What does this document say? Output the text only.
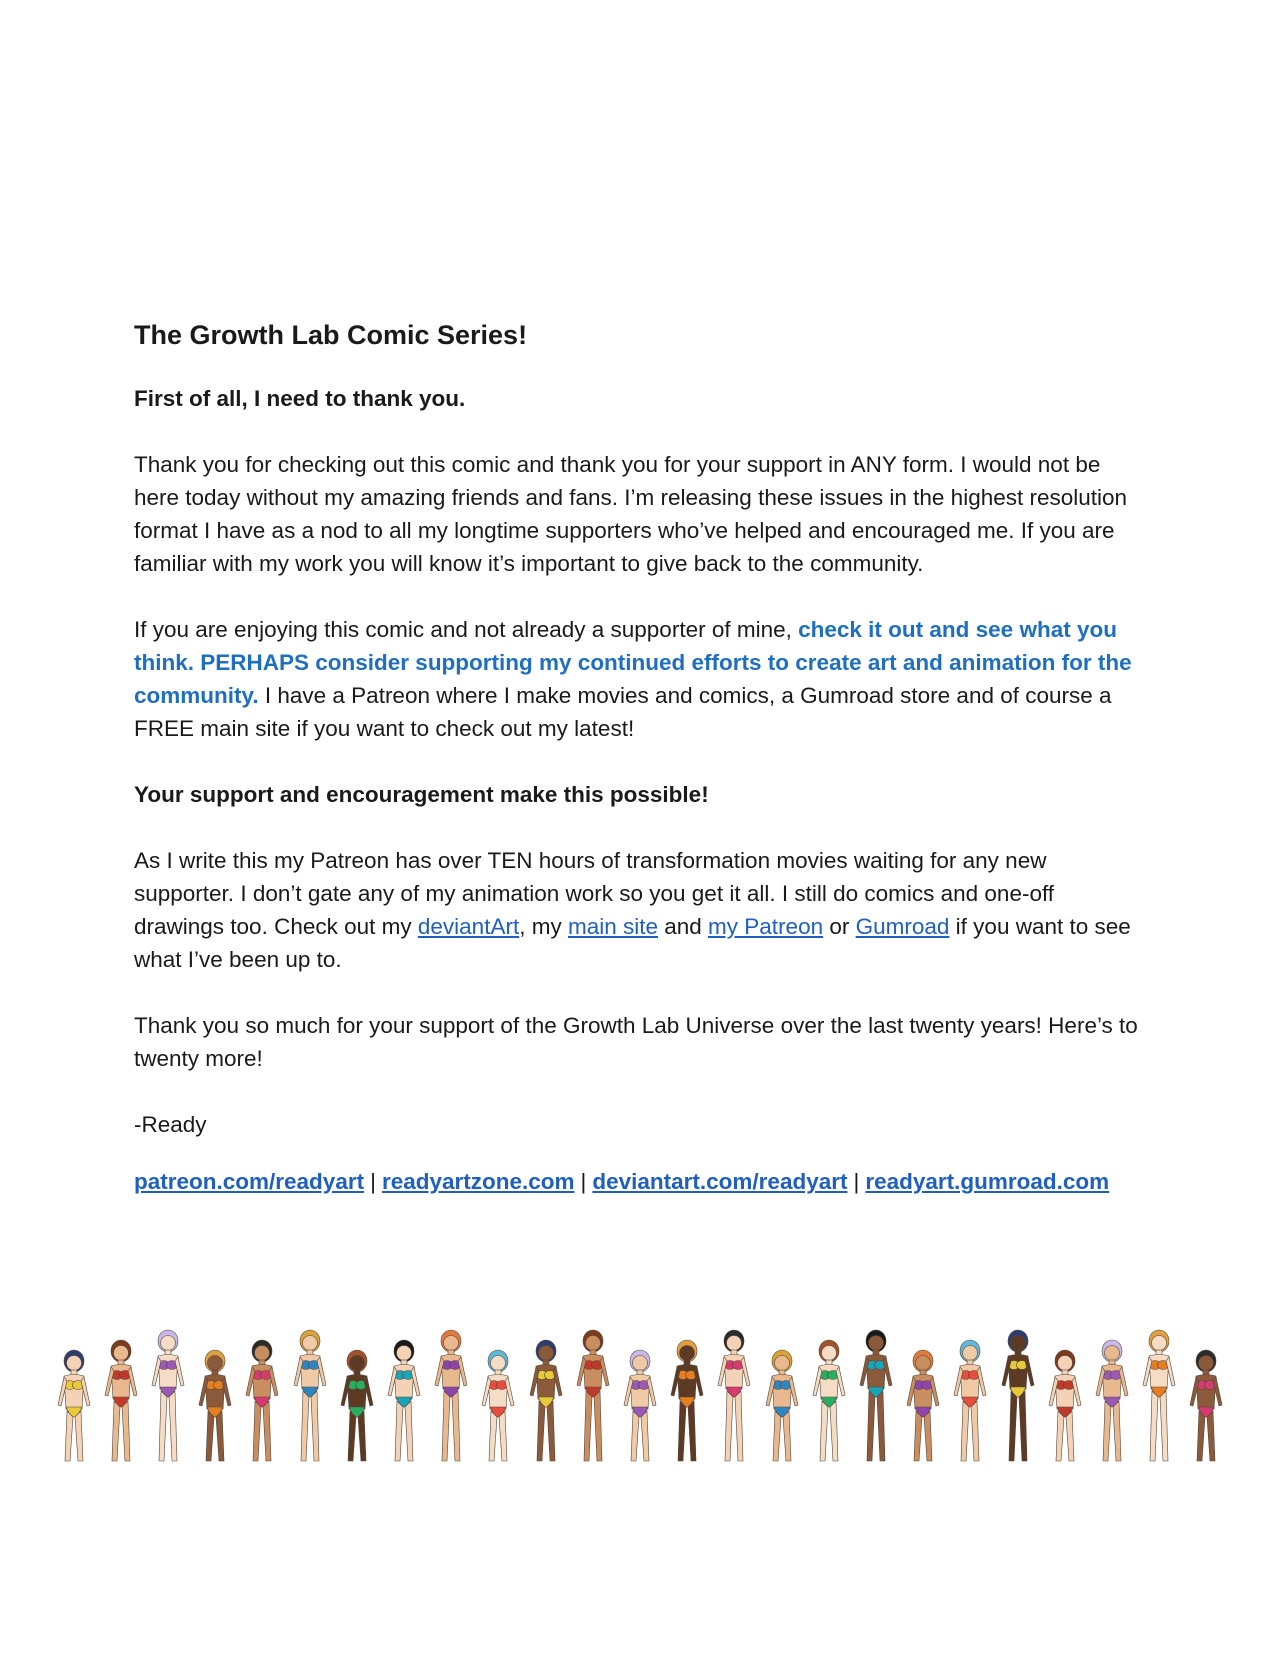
The Growth Lab Comic Series!

First of all, I need to thank you.

Thank you for checking out this comic and thank you for your support in ANY form. I would not be here today without my amazing friends and fans. I’m releasing these issues in the highest resolution format I have as a nod to all my longtime supporters who’ve helped and encouraged me. If you are familiar with my work you will know it’s important to give back to the community.

If you are enjoying this comic and not already a supporter of mine, check it out and see what you think. PERHAPS consider supporting my continued efforts to create art and animation for the community. I have a Patreon where I make movies and comics, a Gumroad store and of course a FREE main site if you want to check out my latest!

Your support and encouragement make this possible!

As I write this my Patreon has over TEN hours of transformation movies waiting for any new supporter. I don’t gate any of my animation work so you get it all. I still do comics and one-off drawings too. Check out my deviantArt, my main site and my Patreon or Gumroad if you want to see what I’ve been up to.

Thank you so much for your support of the Growth Lab Universe over the last twenty years! Here’s to twenty more!

-Ready

patreon.com/readyart | readyartzone.com | deviantart.com/readyart | readyart.gumroad.com
